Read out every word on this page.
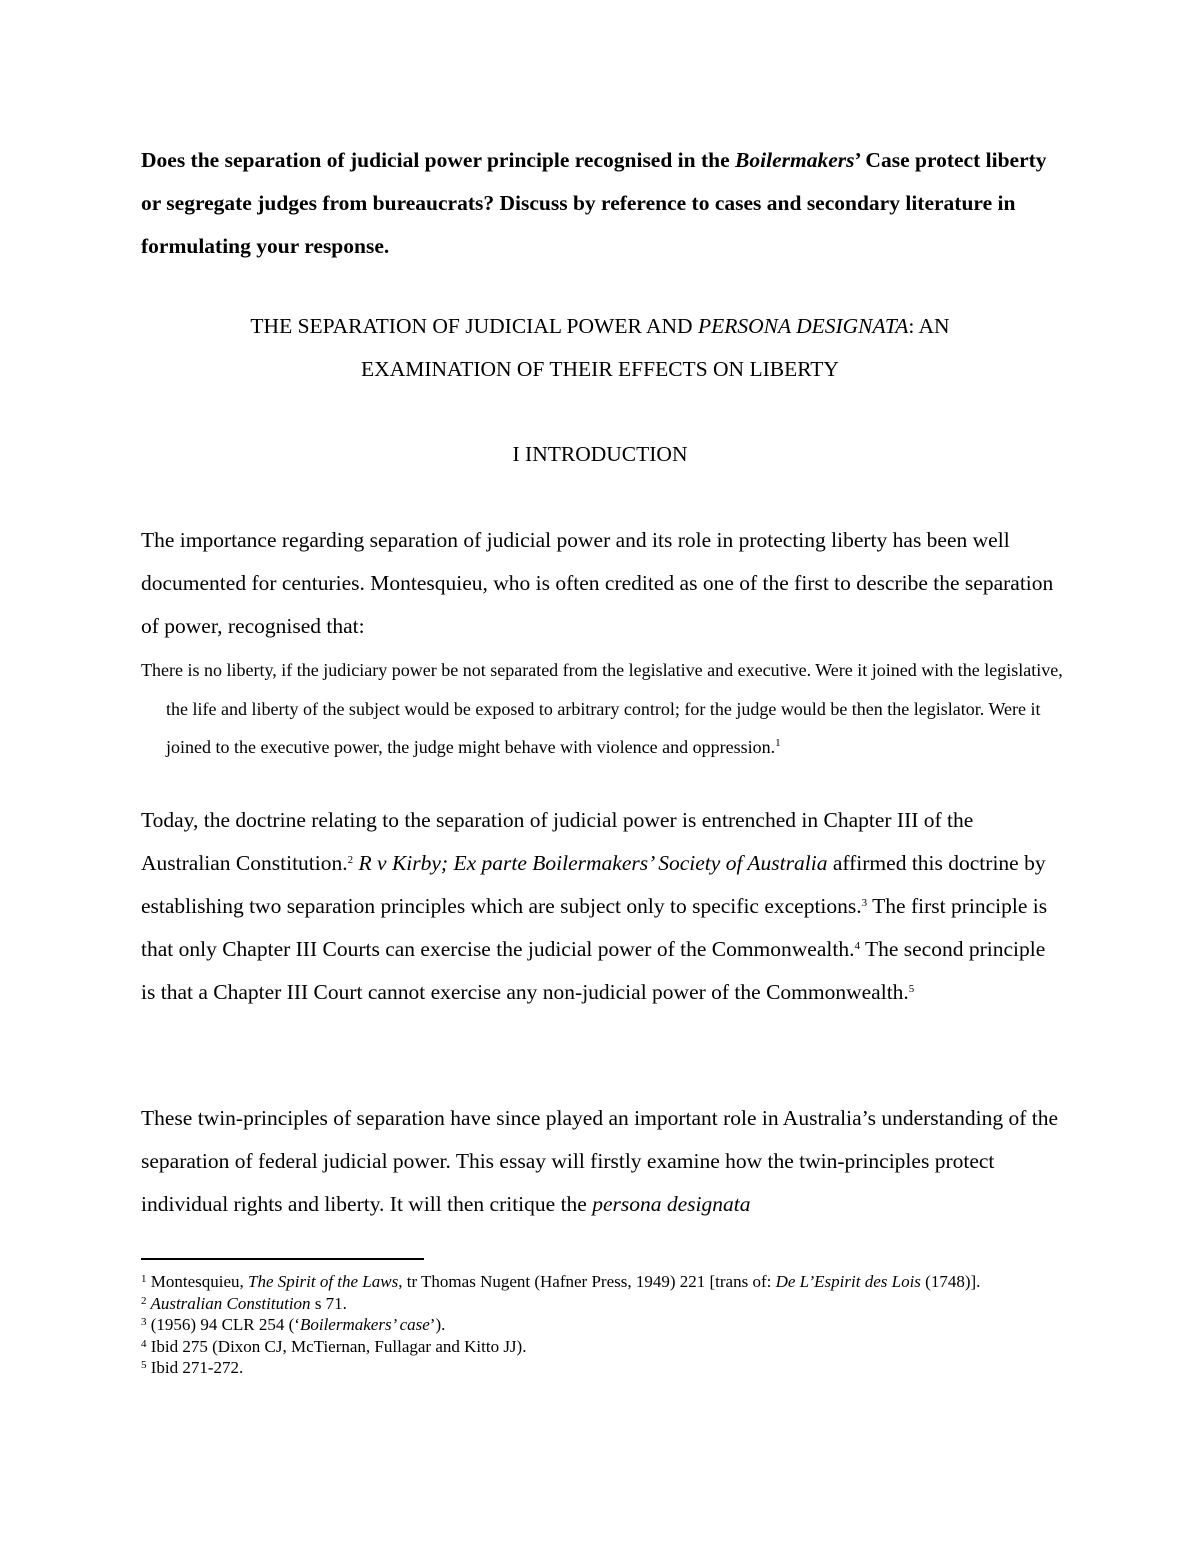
Does the separation of judicial power principle recognised in the Boilermakers’ Case protect liberty or segregate judges from bureaucrats? Discuss by reference to cases and secondary literature in formulating your response.

THE SEPARATION OF JUDICIAL POWER AND PERSONA DESIGNATA: AN

EXAMINATION OF THEIR EFFECTS ON LIBERTY

I INTRODUCTION

The importance regarding separation of judicial power and its role in protecting liberty has been well documented for centuries. Montesquieu, who is often credited as one of the first to describe the separation of power, recognised that:

There is no liberty, if the judiciary power be not separated from the legislative and executive. Were it joined with the legislative, the life and liberty of the subject would be exposed to arbitrary control; for the judge would be then the legislator. Were it joined to the executive power, the judge might behave with violence and oppression.$^1$

Today, the doctrine relating to the separation of judicial power is entrenched in Chapter III of the Australian Constitution.$^2$ R v Kirby; Ex parte Boilermakers’ Society of Australia affirmed this doctrine by establishing two separation principles which are subject only to specific exceptions.$^3$ The first principle is that only Chapter III Courts can exercise the judicial power of the Commonwealth.$^4$ The second principle is that a Chapter III Court cannot exercise any non-judicial power of the Commonwealth.$^5$

These twin-principles of separation have since played an important role in Australia’s understanding of the separation of federal judicial power. This essay will firstly examine how the twin-principles protect individual rights and liberty. It will then critique the persona designata

$^1$ Montesquieu, The Spirit of the Laws, tr Thomas Nugent (Hafner Press, 1949) 221 [trans of: De L’Espirit des Lois (1748)].

$^2$ Australian Constitution s 71.

$^3$ (1956) 94 CLR 254 (‘Boilermakers’ case’).

$^4$ Ibid 275 (Dixon CJ, McTiernan, Fullagar and Kitto JJ).

$^5$ Ibid 271-272.
